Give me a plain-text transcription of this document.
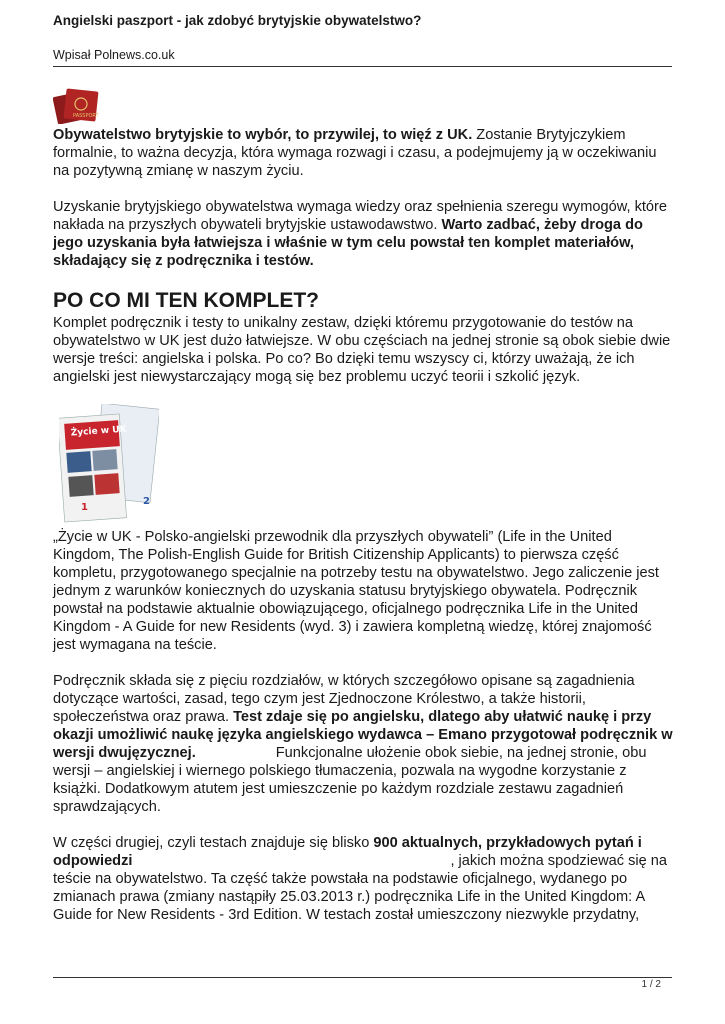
Angielski paszport - jak zdobyć brytyjskie obywatelstwo?
Wpisał Polnews.co.uk
PASSPORT

Obywatelstwo brytyjskie to wybór, to przywilej, to więź z UK. Zostanie Brytyjczykiem formalnie, to ważna decyzja, która wymaga rozwagi i czasu, a podejmujemy ją w oczekiwaniu na pozytywną zmianę w naszym życiu.

Uzyskanie brytyjskiego obywatelstwa wymaga wiedzy oraz spełnienia szeregu wymogów, które nakłada na przyszłych obywateli brytyjskie ustawodawstwo. Warto zadbać, żeby droga do jego uzyskania była łatwiejsza i właśnie w tym celu powstał ten komplet materiałów, składający się z podręcznika i testów.

PO CO MI TEN KOMPLET?

Komplet podręcznik i testy to unikalny zestaw, dzięki któremu przygotowanie do testów na obywatelstwo w UK jest dużo łatwiejsze. W obu częściach na jednej stronie są obok siebie dwie wersje treści: angielska i polska. Po co? Bo dzięki temu wszyscy ci, którzy uważają, że ich angielski jest niewystarczający mogą się bez problemu uczyć teorii i szkolić język.

Życie w UK
1
2

„Życie w UK - Polsko-angielski przewodnik dla przyszłych obywateli” (Life in the United Kingdom, The Polish-English Guide for British Citizenship Applicants) to pierwsza część kompletu, przygotowanego specjalnie na potrzeby testu na obywatelstwo. Jego zaliczenie jest jednym z warunków koniecznych do uzyskania statusu brytyjskiego obywatela. Podręcznik powstał na podstawie aktualnie obowiązującego, oficjalnego podręcznika Life in the United Kingdom - A Guide for new Residents (wyd. 3) i zawiera kompletną wiedzę, której znajomość jest wymagana na teście.

Podręcznik składa się z pięciu rozdziałów, w których szczegółowo opisane są zagadnienia dotyczące wartości, zasad, tego czym jest Zjednoczone Królestwo, a także historii, społeczeństwa oraz prawa. Test zdaje się po angielsku, dlatego aby ułatwić naukę i przy okazji umożliwić naukę języka angielskiego wydawca – Emano przygotował podręcznik w wersji dwujęzycznej.	Funkcjonalne ułożenie obok siebie, na jednej stronie, obu wersji – angielskiej i wiernego polskiego tłumaczenia, pozwala na wygodne korzystanie z książki. Dodatkowym atutem jest umieszczenie po każdym rozdziale zestawu zagadnień sprawdzających.

W części drugiej, czyli testach znajduje się blisko 900 aktualnych, przykładowych pytań i odpowiedzi	, jakich można spodziewać się na teście na obywatelstwo. Ta część także powstała na podstawie oficjalnego, wydanego po zmianach prawa (zmiany nastąpiły 25.03.2013 r.) podręcznika Life in the United Kingdom: A Guide for New Residents - 3rd Edition. W testach został umieszczony niezwykle przydatny,

1 / 2
